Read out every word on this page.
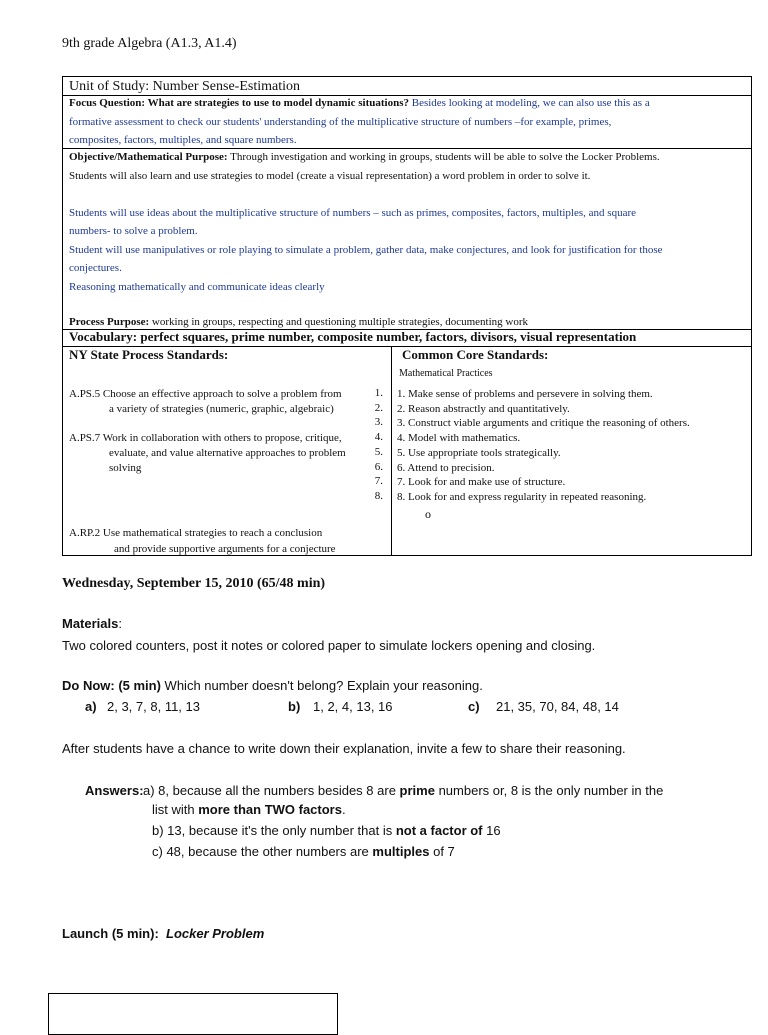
9th grade Algebra (A1.3, A1.4)
Unit of Study: Number Sense-Estimation
Focus Question: What are strategies to use to model dynamic situations? Besides looking at modeling, we can also use this as a
formative assessment to check our students' understanding of the multiplicative structure of numbers –for example, primes,
composites, factors, multiples, and square numbers.
Objective/Mathematical Purpose: Through investigation and working in groups, students will be able to solve the Locker Problems.
Students will also learn and use strategies to model (create a visual representation) a word problem in order to solve it.

Students will use ideas about the multiplicative structure of numbers – such as primes, composites, factors, multiples, and square
numbers- to solve a problem.
Student will use manipulatives or role playing to simulate a problem, gather data, make conjectures, and look for justification for those
conjectures.
Reasoning mathematically and communicate ideas clearly
Process Purpose: working in groups, respecting and questioning multiple strategies, documenting work
Vocabulary: perfect squares, prime number, composite number, factors, divisors, visual representation
NY State Process Standards:
A.PS.5 Choose an effective approach to solve a problem from
a variety of strategies (numeric, graphic, algebraic)
A.PS.7 Work in collaboration with others to propose, critique,
evaluate, and value alternative approaches to problem
solving
A.RP.2 Use mathematical strategies to reach a conclusion
and provide supportive arguments for a conjecture
1.
2.
3.
4.
5.
6.
7.
8.
Common Core Standards:
Mathematical Practices
1. Make sense of problems and persevere in solving them.
2. Reason abstractly and quantitatively.
3. Construct viable arguments and critique the reasoning of others.
4. Model with mathematics.
5. Use appropriate tools strategically.
6. Attend to precision.
7. Look for and make use of structure.
8. Look for and express regularity in repeated reasoning.
o
Wednesday, September 15, 2010 (65/48 min)
Materials:
Two colored counters, post it notes or colored paper to simulate lockers opening and closing.
Do Now: (5 min) Which number doesn't belong? Explain your reasoning.
a) 2, 3, 7, 8, 11, 13	b) 1, 2, 4, 13, 16	c) 21, 35, 70, 84, 48, 14
After students have a chance to write down their explanation, invite a few to share their reasoning.
Answers: a) 8, because all the numbers besides 8 are prime numbers or, 8 is the only number in the
list with more than TWO factors.
b) 13, because it's the only number that is not a factor of 16
c) 48, because the other numbers are multiples of 7
Launch (5 min): Locker Problem
